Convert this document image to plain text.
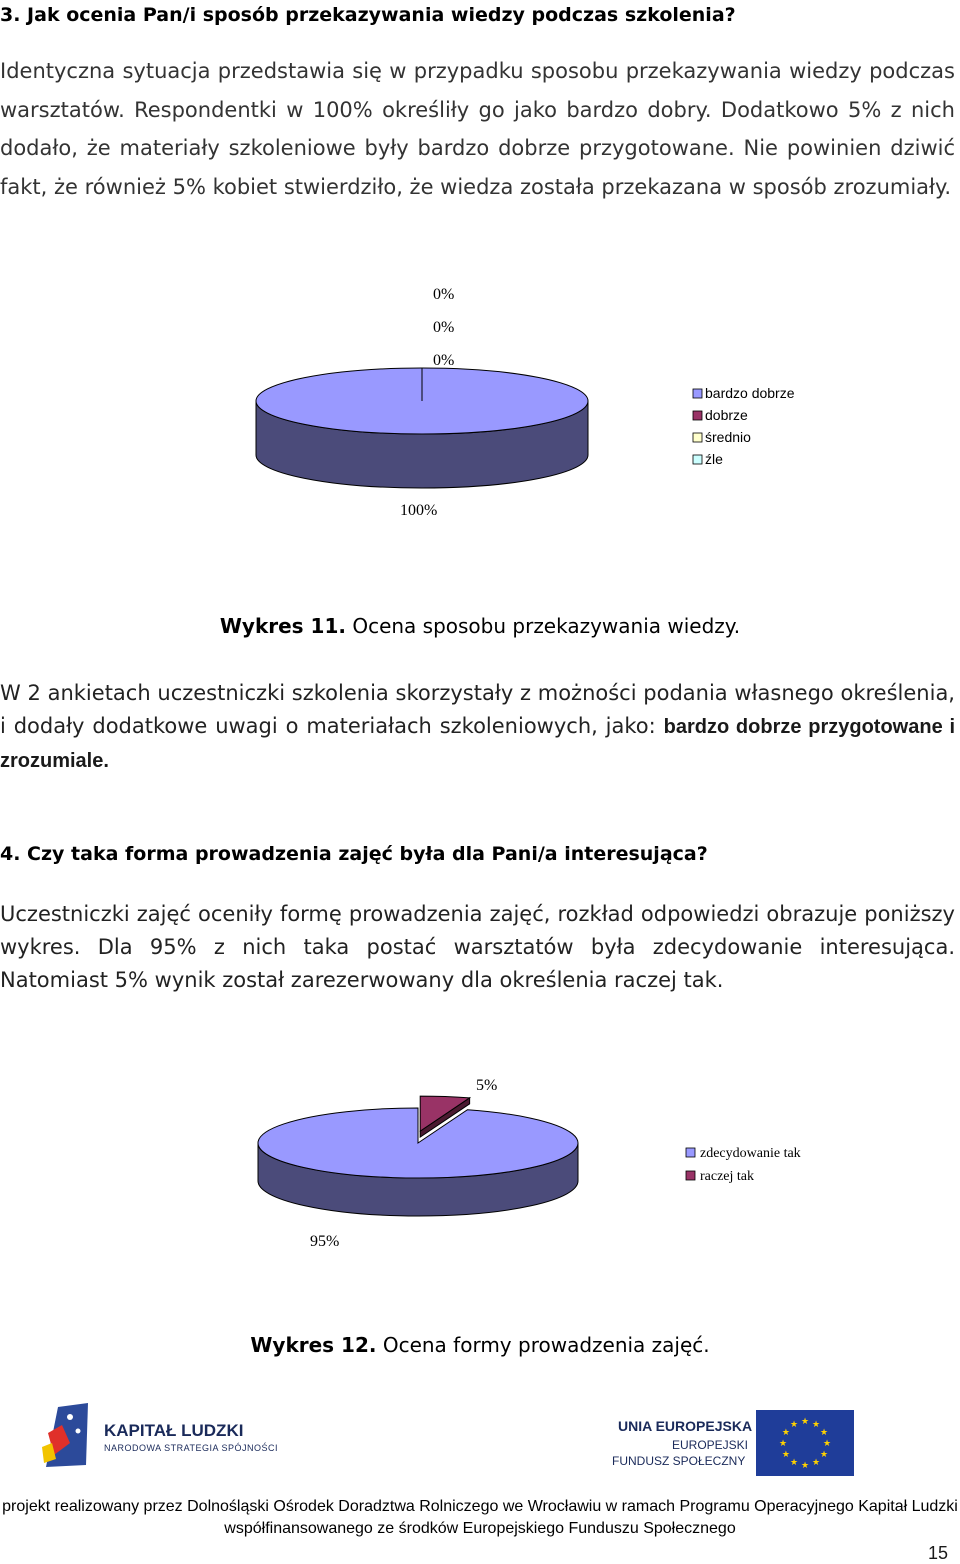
3. Jak ocenia Pan/i sposób przekazywania wiedzy podczas szkolenia?
Identyczna sytuacja przedstawia się w przypadku sposobu przekazywania wiedzy podczas warsztatów. Respondentki w 100% określiły go jako bardzo dobry. Dodatkowo 5% z nich dodało, że materiały szkoleniowe były bardzo dobrze przygotowane. Nie powinien dziwić fakt, że również 5% kobiet stwierdziło, że wiedza została przekazana w sposób zrozumiały.
0%
0%
0%
100%
bardzo dobrze
dobrze
średnio
źle
Wykres 11. Ocena sposobu przekazywania wiedzy.
W 2 ankietach uczestniczki szkolenia skorzystały z możności podania własnego określenia, i dodały dodatkowe uwagi o materiałach szkoleniowych, jako: bardzo dobrze przygotowane i zrozumiale.
4. Czy taka forma prowadzenia zajęć była dla Pani/a interesująca?
Uczestniczki zajęć oceniły formę prowadzenia zajęć, rozkład odpowiedzi obrazuje poniższy wykres. Dla 95% z nich taka postać warsztatów była zdecydowanie interesująca. Natomiast 5% wynik został zarezerwowany dla określenia raczej tak.
5%
95%
zdecydowanie tak
raczej tak
Wykres 12. Ocena formy prowadzenia zajęć.
KAPITAŁ LUDZKI
NARODOWA STRATEGIA SPÓJNOŚCI
UNIA EUROPEJSKA
EUROPEJSKI
FUNDUSZ SPOŁECZNY
★ ★
★
★
★
★
★
★
★
★
★
★
projekt realizowany przez Dolnośląski Ośrodek Doradztwa Rolniczego we Wrocławiu w ramach Programu Operacyjnego Kapitał Ludzki
współfinansowanego ze środków Europejskiego Funduszu Społecznego
15
